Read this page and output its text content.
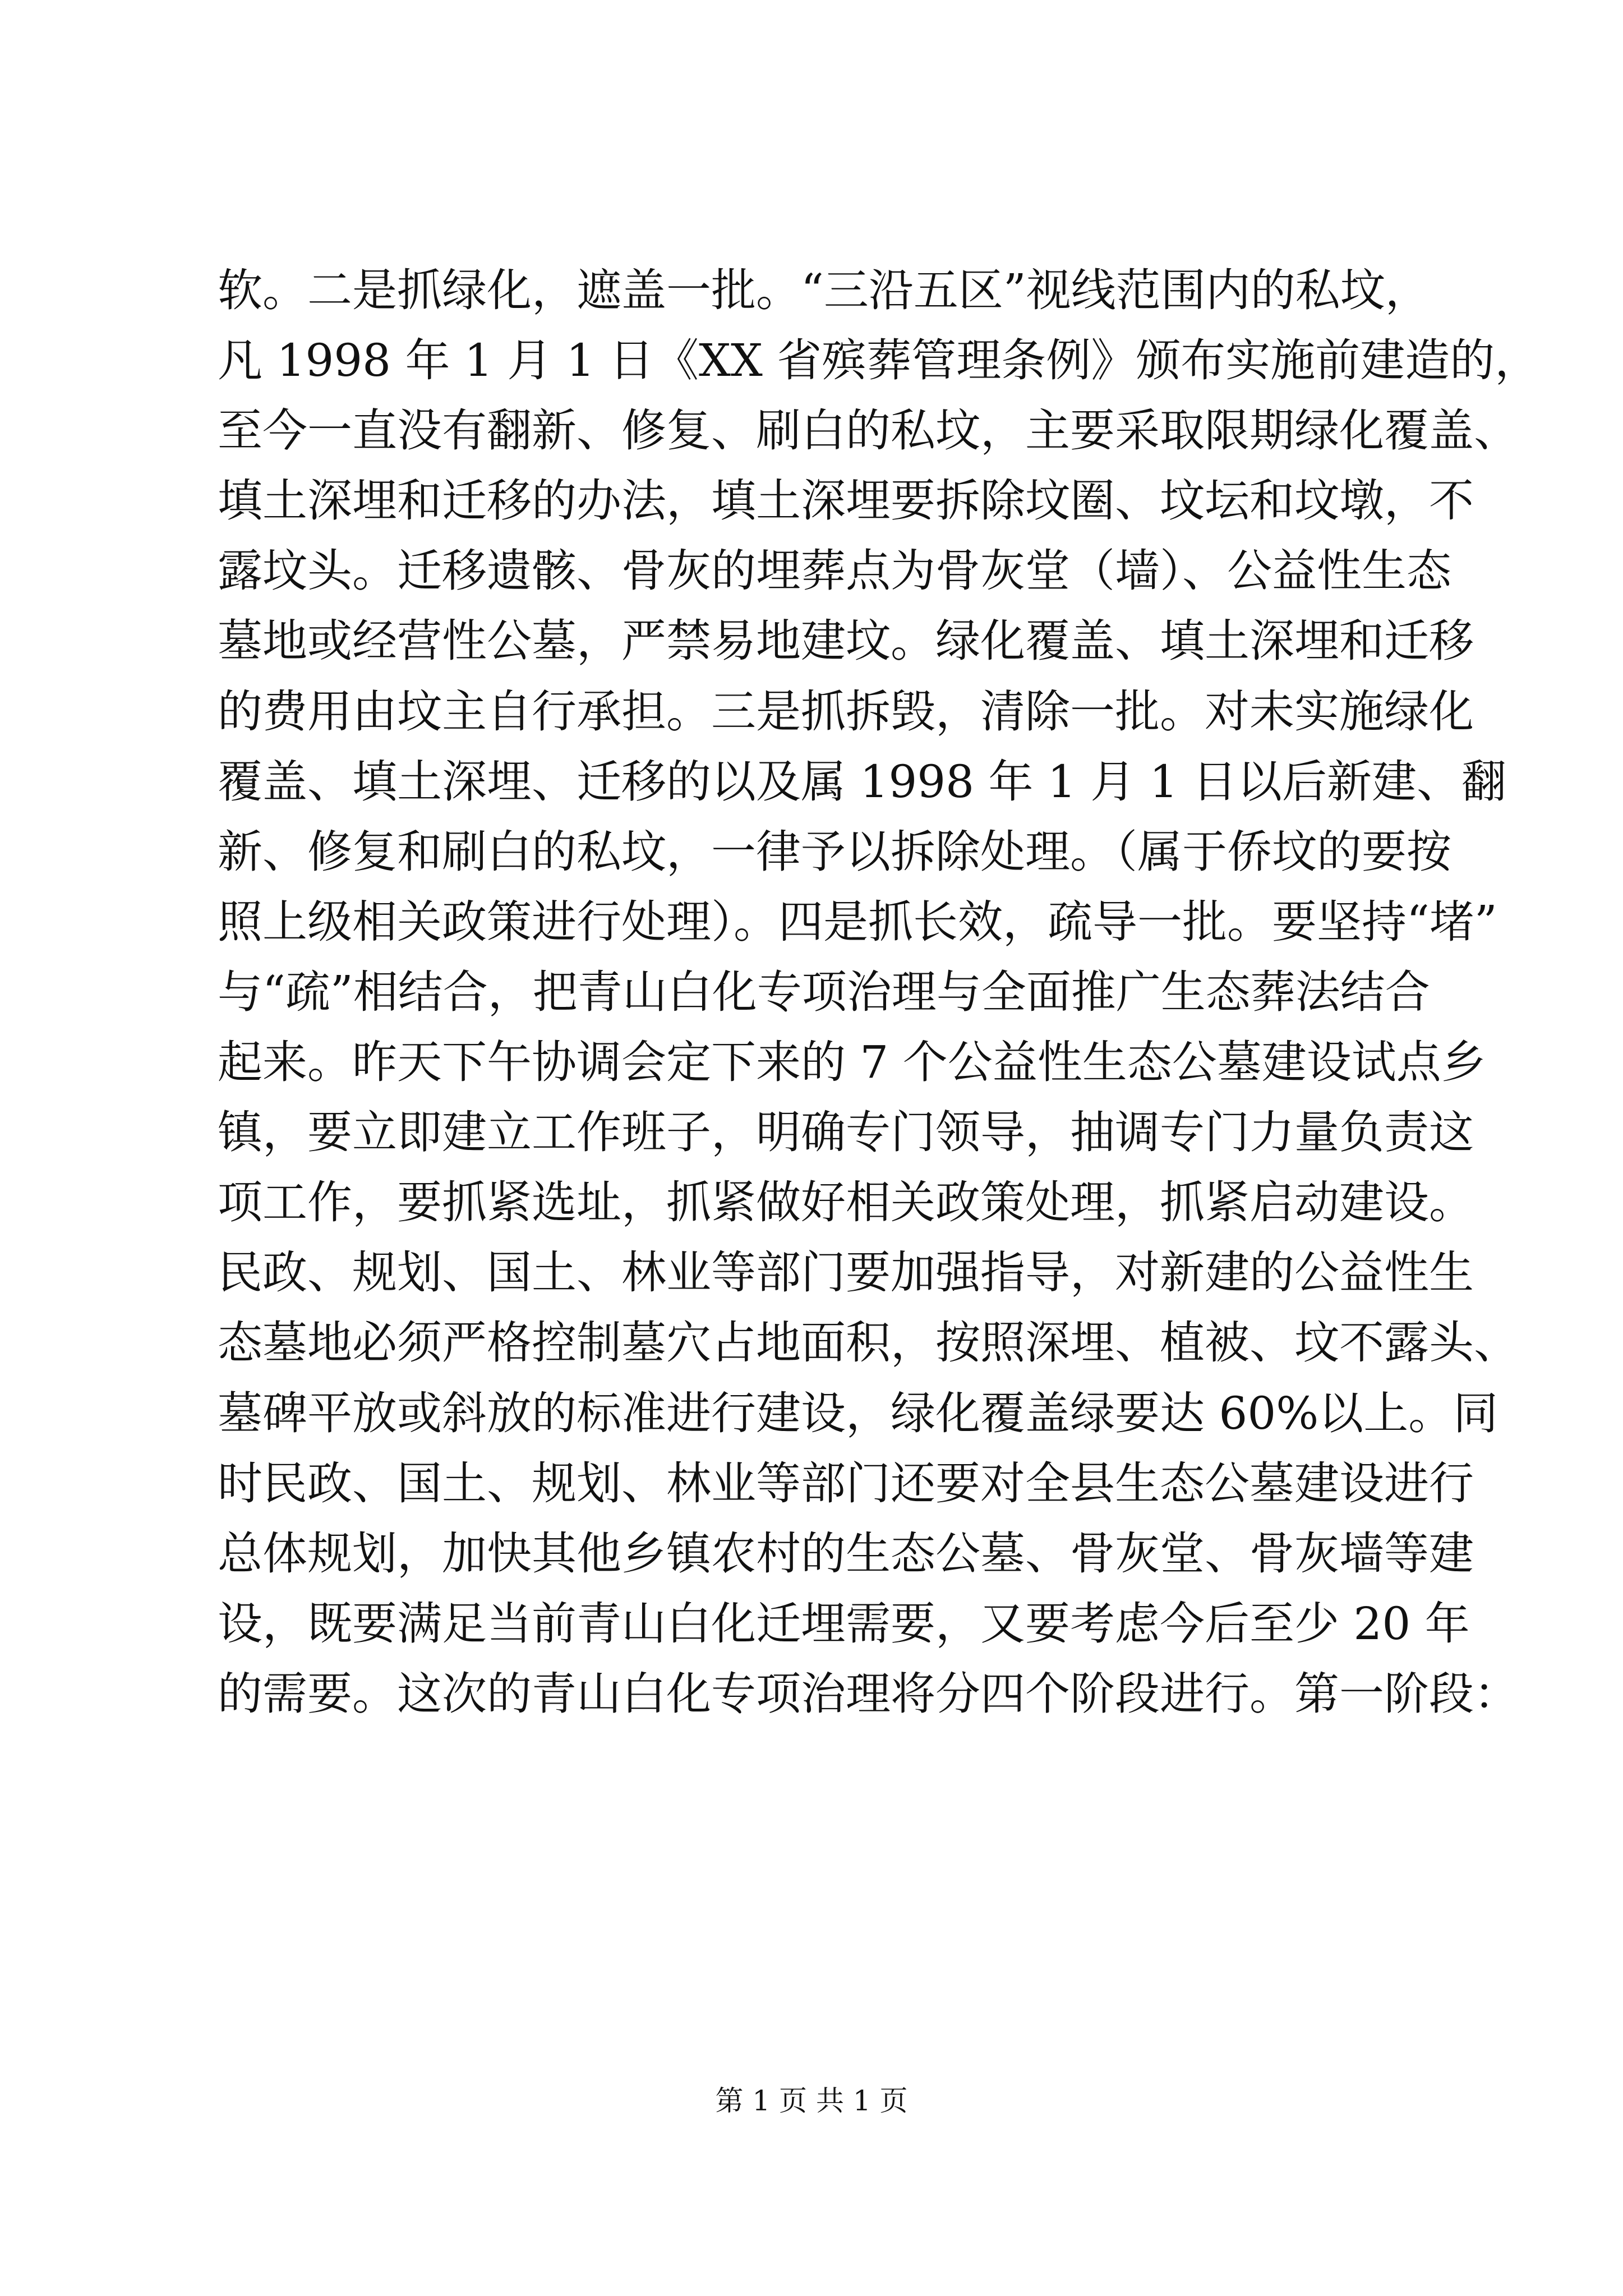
软。二是抓绿化，遮盖一批。“三沿五区”视线范围内的私坟，
凡 1998 年 1 月 1 日《XX 省殡葬管理条例》颁布实施前建造的，
至今一直没有翻新、修复、刷白的私坟，主要采取限期绿化覆盖、
填土深埋和迁移的办法，填土深埋要拆除坟圈、坟坛和坟墩，不
露坟头。迁移遗骸、骨灰的埋葬点为骨灰堂（墙）、公益性生态
墓地或经营性公墓，严禁易地建坟。绿化覆盖、填土深埋和迁移
的费用由坟主自行承担。三是抓拆毁，清除一批。对未实施绿化
覆盖、填土深埋、迁移的以及属 1998 年 1 月 1 日以后新建、翻
新、修复和刷白的私坟，一律予以拆除处理。（属于侨坟的要按
照上级相关政策进行处理）。四是抓长效，疏导一批。要坚持“堵”
与“疏”相结合，把青山白化专项治理与全面推广生态葬法结合
起来。昨天下午协调会定下来的 7 个公益性生态公墓建设试点乡
镇，要立即建立工作班子，明确专门领导，抽调专门力量负责这
项工作，要抓紧选址，抓紧做好相关政策处理，抓紧启动建设。
民政、规划、国土、林业等部门要加强指导，对新建的公益性生
态墓地必须严格控制墓穴占地面积，按照深埋、植被、坟不露头、
墓碑平放或斜放的标准进行建设，绿化覆盖绿要达 60%以上。同
时民政、国土、规划、林业等部门还要对全县生态公墓建设进行
总体规划，加快其他乡镇农村的生态公墓、骨灰堂、骨灰墙等建
设，既要满足当前青山白化迁埋需要，又要考虑今后至少 20 年
的需要。这次的青山白化专项治理将分四个阶段进行。第一阶段：
第 1 页 共 1 页
